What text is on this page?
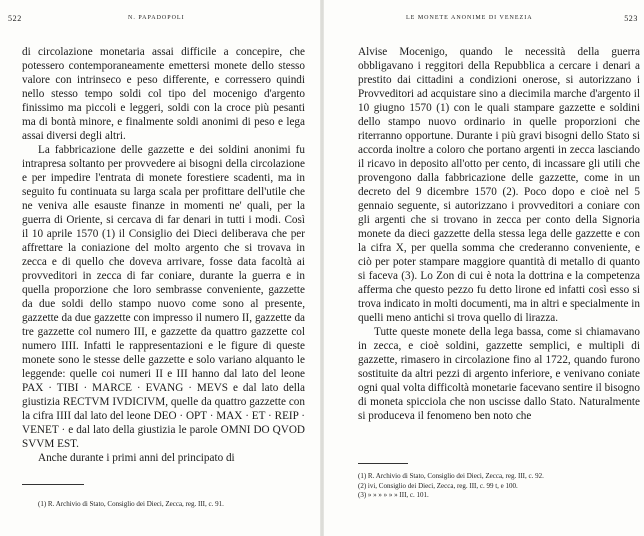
522	N. PAPADOPOLI

di circolazione monetaria assai difficile a concepire, che potessero contemporaneamente emettersi monete dello stesso valore con intrinseco e peso differente, e corressero quindi nello stesso tempo soldi col tipo del mocenigo d'argento finissimo ma piccoli e leggeri, soldi con la croce più pesanti ma di bontà minore, e finalmente soldi anonimi di peso e lega assai diversi degli altri.

La fabbricazione delle gazzette e dei soldini anonimi fu intrapresa soltanto per provvedere ai bisogni della circolazione e per impedire l'entrata di monete forestiere scadenti, ma in seguito fu continuata su larga scala per profittare dell'utile che ne veniva alle esauste finanze in momenti ne' quali, per la guerra di Oriente, si cercava di far denari in tutti i modi. Così il 10 aprile 1570 (1) il Consiglio dei Dieci deliberava che per affrettare la coniazione del molto argento che si trovava in zecca e di quello che doveva arrivare, fosse data facoltà ai provveditori in zecca di far coniare, durante la guerra e in quella proporzione che loro sembrasse conveniente, gazzette da due soldi dello stampo nuovo come sono al presente, gazzette da due gazzette con impresso il numero II, gazzette da tre gazzette col numero III, e gazzette da quattro gazzette col numero IIII. Infatti le rappresentazioni e le figure di queste monete sono le stesse delle gazzette e solo variano alquanto le leggende: quelle coi numeri II e III hanno dal lato del leone PAX · TIBI · MARCE · EVANG · MEVS e dal lato della giustizia RECTVM IVDICIVM, quelle da quattro gazzette con la cifra IIII dal lato del leone DEO · OPT · MAX · ET · REIP · VENET · e dal lato della giustizia le parole OMNI DO QVOD SVVM EST.

Anche durante i primi anni del principato di

(1) R. Archivio di Stato, Consiglio dei Dieci, Zecca, reg. III, c. 91.
LE MONETE ANONIME DI VENEZIA	523

Alvise Mocenigo, quando le necessità della guerra obbligavano i reggitori della Repubblica a cercare i denari a prestito dai cittadini a condizioni onerose, si autorizzano i Provveditori ad acquistare sino a diecimila marche d'argento il 10 giugno 1570 (1) con le quali stampare gazzette e soldini dello stampo nuovo ordinario in quelle proporzioni che riterranno opportune. Durante i più gravi bisogni dello Stato si accorda inoltre a coloro che portano argenti in zecca lasciando il ricavo in deposito all'otto per cento, di incassare gli utili che provengono dalla fabbricazione delle gazzette, come in un decreto del 9 dicembre 1570 (2). Poco dopo e cioè nel 5 gennaio seguente, si autorizzano i provveditori a coniare con gli argenti che si trovano in zecca per conto della Signoria monete da dieci gazzette della stessa lega delle gazzette e con la cifra X, per quella somma che crederanno conveniente, e ciò per poter stampare maggiore quantità di metallo di quanto si faceva (3). Lo Zon di cui è nota la dottrina e la competenza afferma che questo pezzo fu detto lirone ed infatti così esso si trova indicato in molti documenti, ma in altri e specialmente in quelli meno antichi si trova quello di lirazza.

Tutte queste monete della lega bassa, come si chiamavano in zecca, e cioè soldini, gazzette semplici, e multipli di gazzette, rimasero in circolazione fino al 1722, quando furono sostituite da altri pezzi di argento inferiore, e venivano coniate ogni qual volta difficoltà monetarie facevano sentire il bisogno di moneta spicciola che non uscisse dallo Stato. Naturalmente si produceva il fenomeno ben noto che

(1) R. Archivio di Stato, Consiglio dei Dieci, Zecca, reg. III, c. 92.
(2) ivi, Consiglio dei Dieci, Zecca, reg. III, c. 99 t, e 100.
(3) » » » » » » III, c. 101.
